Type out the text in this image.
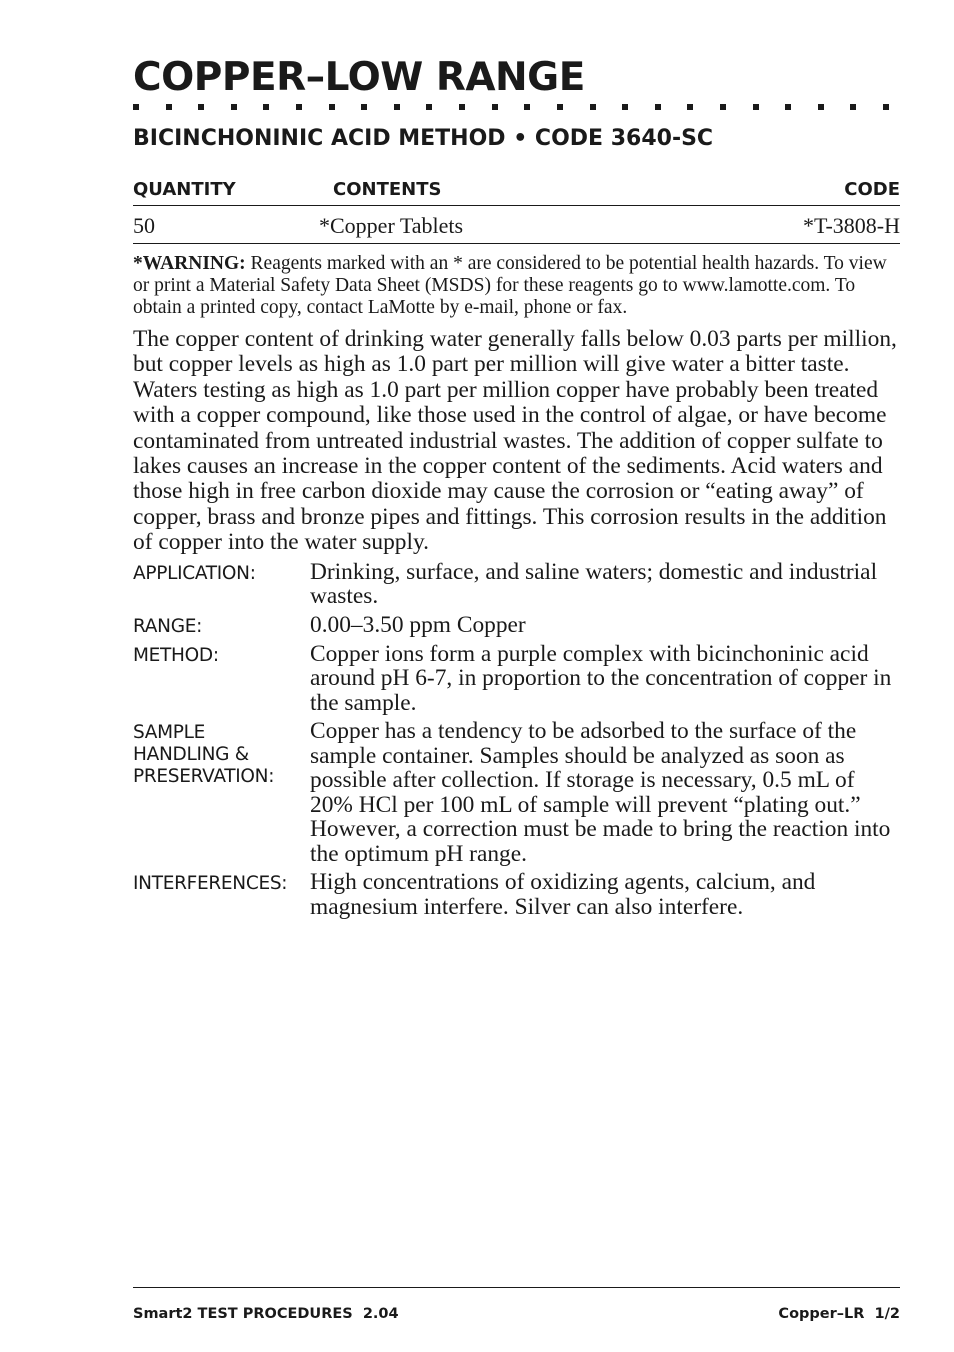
COPPER–LOW RANGE
BICINCHONINIC ACID METHOD • CODE 3640-SC
QUANTITY	CONTENTS	CODE
50	*Copper Tablets	*T-3808-H
*WARNING: Reagents marked with an * are considered to be potential health hazards. To view or print a Material Safety Data Sheet (MSDS) for these reagents go to www.lamotte.com. To obtain a printed copy, contact LaMotte by e-mail, phone or fax.
The copper content of drinking water generally falls below 0.03 parts per million, but copper levels as high as 1.0 part per million will give water a bitter taste. Waters testing as high as 1.0 part per million copper have probably been treated with a copper compound, like those used in the control of algae, or have become contaminated from untreated industrial wastes. The addition of copper sulfate to lakes causes an increase in the copper content of the sediments. Acid waters and those high in free carbon dioxide may cause the corrosion or “eating away” of copper, brass and bronze pipes and fittings. This corrosion results in the addition of copper into the water supply.
APPLICATION:	Drinking, surface, and saline waters; domestic and industrial wastes.
RANGE:	0.00–3.50 ppm Copper
METHOD:	Copper ions form a purple complex with bicinchoninic acid around pH 6-7, in proportion to the concentration of copper in the sample.
SAMPLE HANDLING & PRESERVATION:
Copper has a tendency to be adsorbed to the surface of the sample container. Samples should be analyzed as soon as possible after collection. If storage is necessary, 0.5 mL of 20% HCl per 100 mL of sample will prevent “plating out.” However, a correction must be made to bring the reaction into the optimum pH range.
INTERFERENCES: High concentrations of oxidizing agents, calcium, and magnesium interfere. Silver can also interfere.
Smart2 TEST PROCEDURES  2.04	Copper–LR  1/2
